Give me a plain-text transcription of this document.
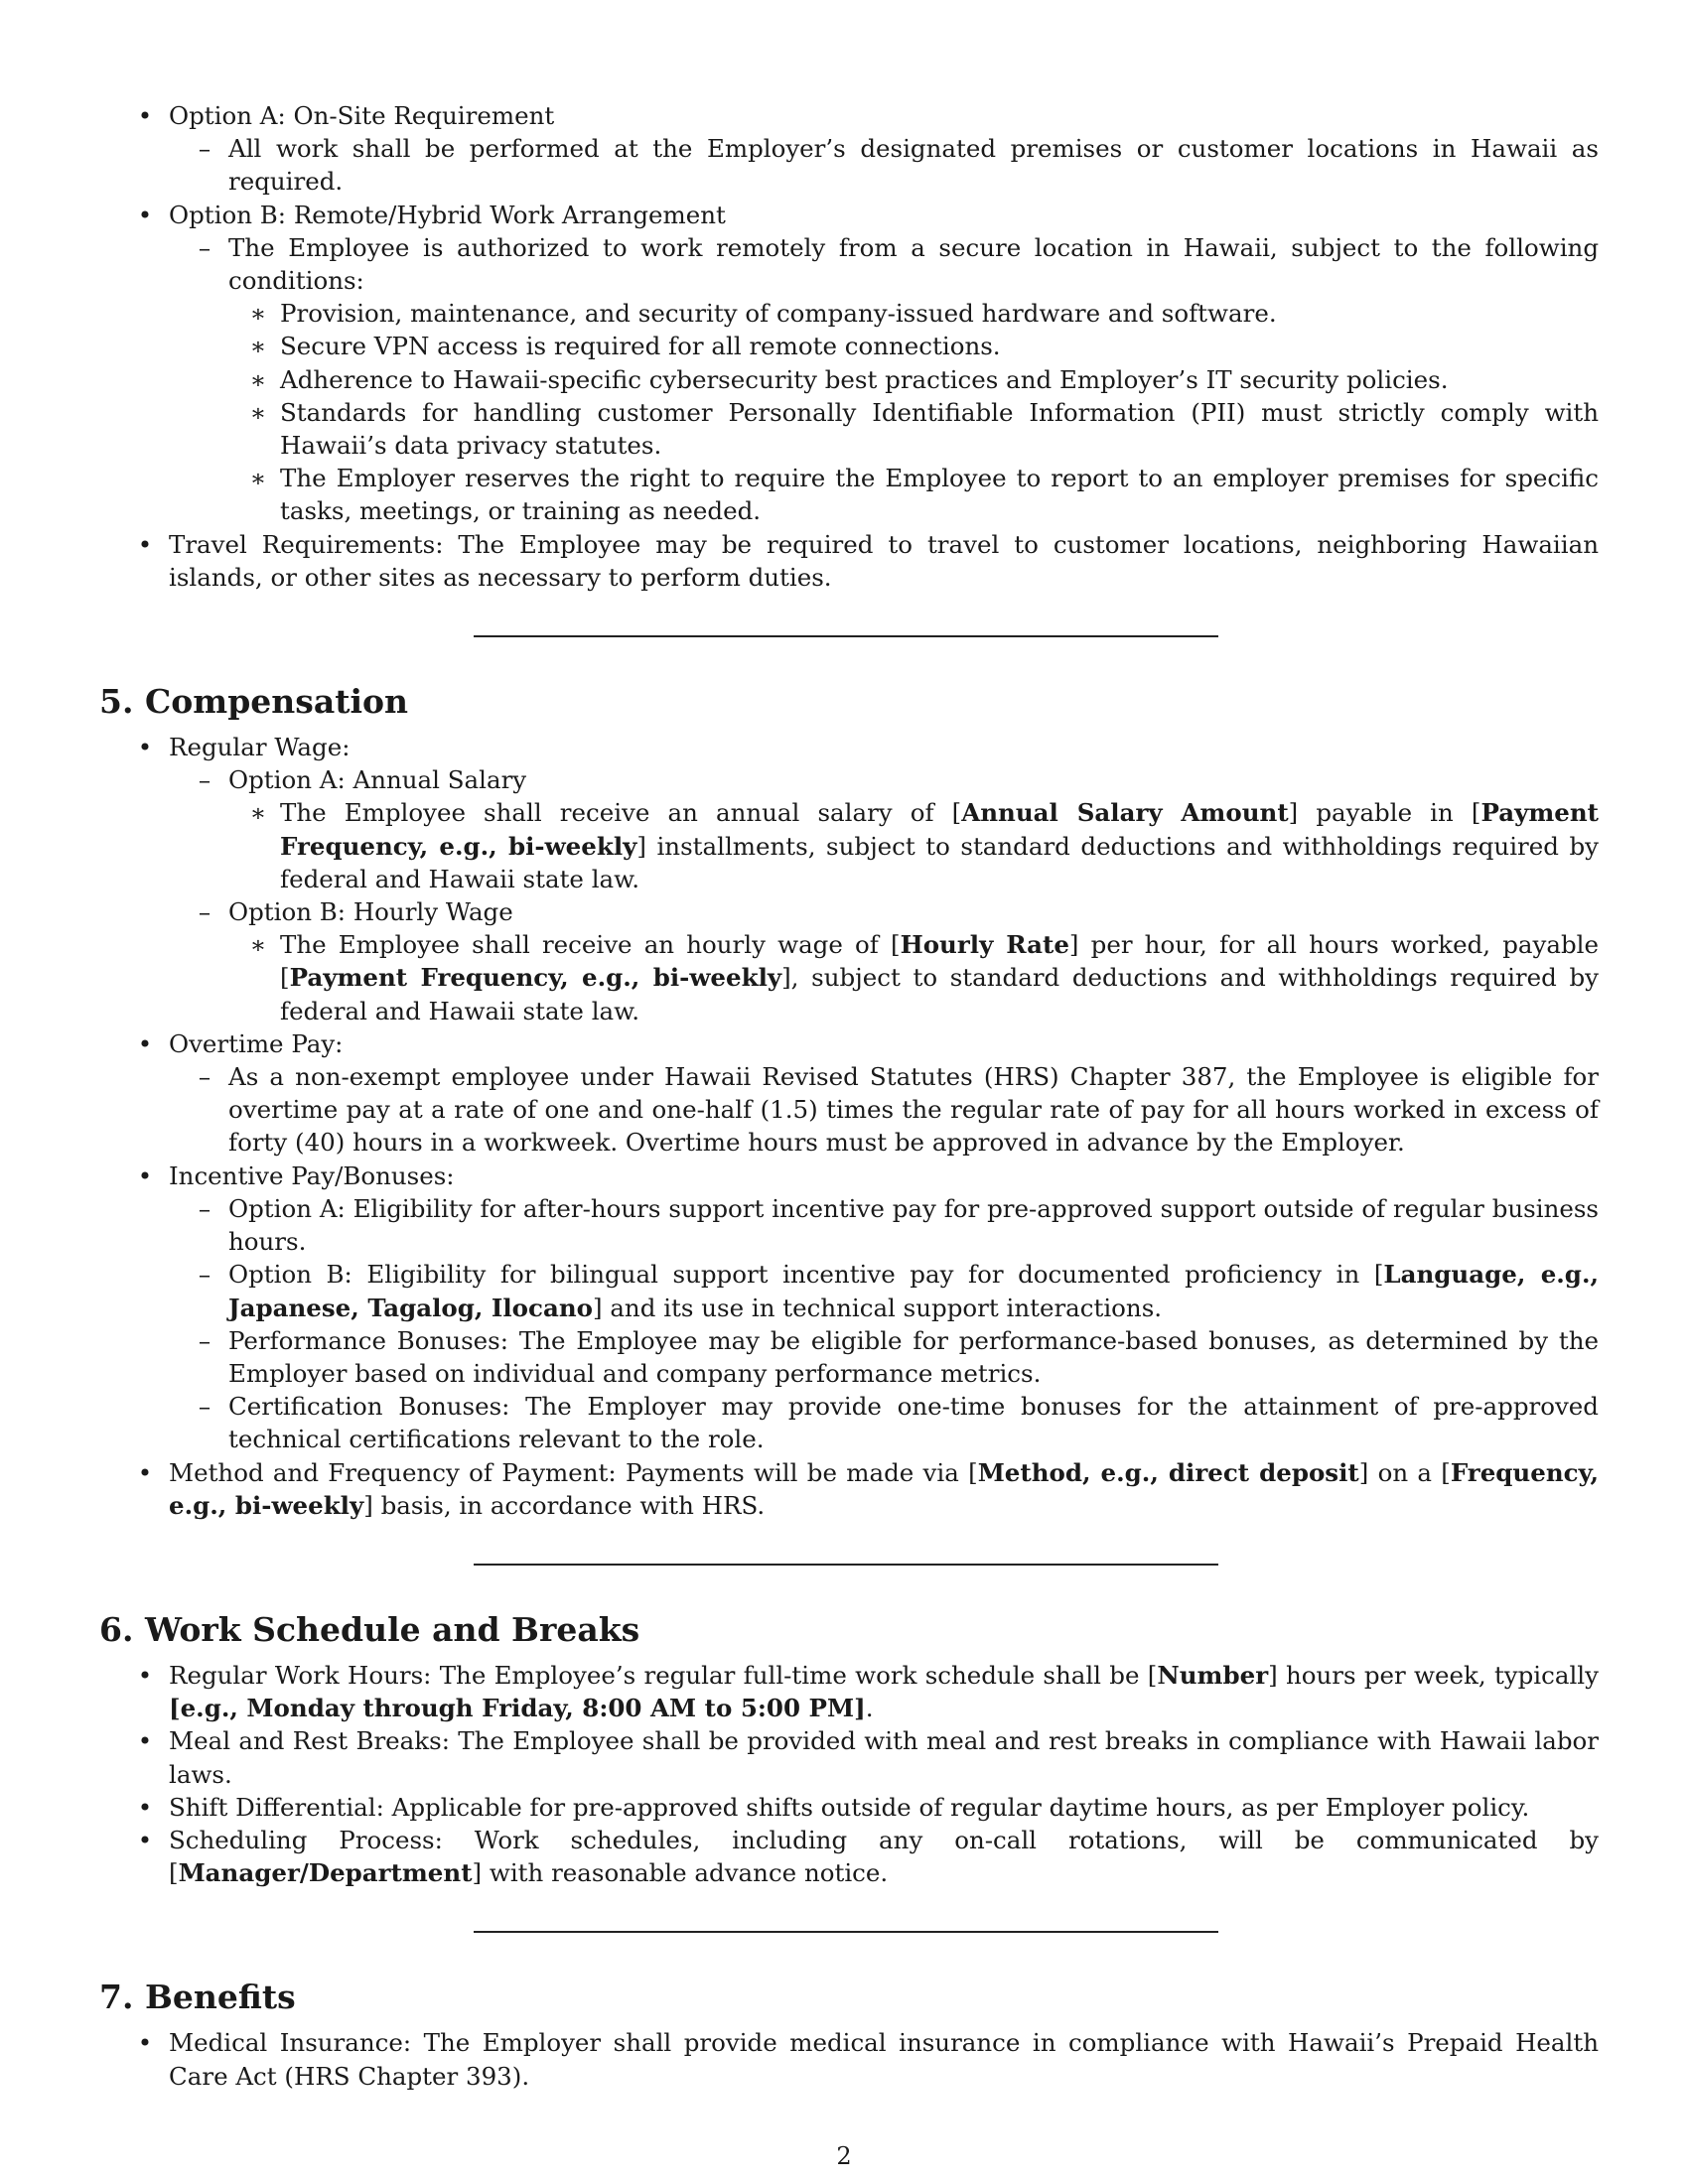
• Option A: On-Site Requirement
– All work shall be performed at the Employer’s designated premises or customer locations in Hawaii as required.
• Option B: Remote/Hybrid Work Arrangement
– The Employee is authorized to work remotely from a secure location in Hawaii, subject to the following conditions:
∗ Provision, maintenance, and security of company-issued hardware and software.
∗ Secure VPN access is required for all remote connections.
∗ Adherence to Hawaii-specific cybersecurity best practices and Employer’s IT security policies.
∗ Standards for handling customer Personally Identifiable Information (PII) must strictly comply with Hawaii’s data privacy statutes.
∗ The Employer reserves the right to require the Employee to report to an employer premises for specific tasks, meetings, or training as needed.
• Travel Requirements: The Employee may be required to travel to customer locations, neighboring Hawaiian islands, or other sites as necessary to perform duties.
5. Compensation
• Regular Wage:
– Option A: Annual Salary
∗ The Employee shall receive an annual salary of [Annual Salary Amount] payable in [Payment Frequency, e.g., bi-weekly] installments, subject to standard deductions and withholdings required by federal and Hawaii state law.
– Option B: Hourly Wage
∗ The Employee shall receive an hourly wage of [Hourly Rate] per hour, for all hours worked, payable [Payment Frequency, e.g., bi-weekly], subject to standard deductions and withholdings required by federal and Hawaii state law.
• Overtime Pay:
– As a non-exempt employee under Hawaii Revised Statutes (HRS) Chapter 387, the Employee is eligible for overtime pay at a rate of one and one-half (1.5) times the regular rate of pay for all hours worked in excess of forty (40) hours in a workweek. Overtime hours must be approved in advance by the Employer.
• Incentive Pay/Bonuses:
– Option A: Eligibility for after-hours support incentive pay for pre-approved support outside of regular business hours.
– Option B: Eligibility for bilingual support incentive pay for documented proficiency in [Language, e.g., Japanese, Tagalog, Ilocano] and its use in technical support interactions.
– Performance Bonuses: The Employee may be eligible for performance-based bonuses, as determined by the Employer based on individual and company performance metrics.
– Certification Bonuses: The Employer may provide one-time bonuses for the attainment of pre-approved technical certifications relevant to the role.
• Method and Frequency of Payment: Payments will be made via [Method, e.g., direct deposit] on a [Frequency, e.g., bi-weekly] basis, in accordance with HRS.
6. Work Schedule and Breaks
• Regular Work Hours: The Employee’s regular full-time work schedule shall be [Number] hours per week, typically [e.g., Monday through Friday, 8:00 AM to 5:00 PM].
• Meal and Rest Breaks: The Employee shall be provided with meal and rest breaks in compliance with Hawaii labor laws.
• Shift Differential: Applicable for pre-approved shifts outside of regular daytime hours, as per Employer policy.
• Scheduling Process: Work schedules, including any on-call rotations, will be communicated by [Manager/Department] with reasonable advance notice.
7. Benefits
• Medical Insurance: The Employer shall provide medical insurance in compliance with Hawaii’s Prepaid Health Care Act (HRS Chapter 393).
2
